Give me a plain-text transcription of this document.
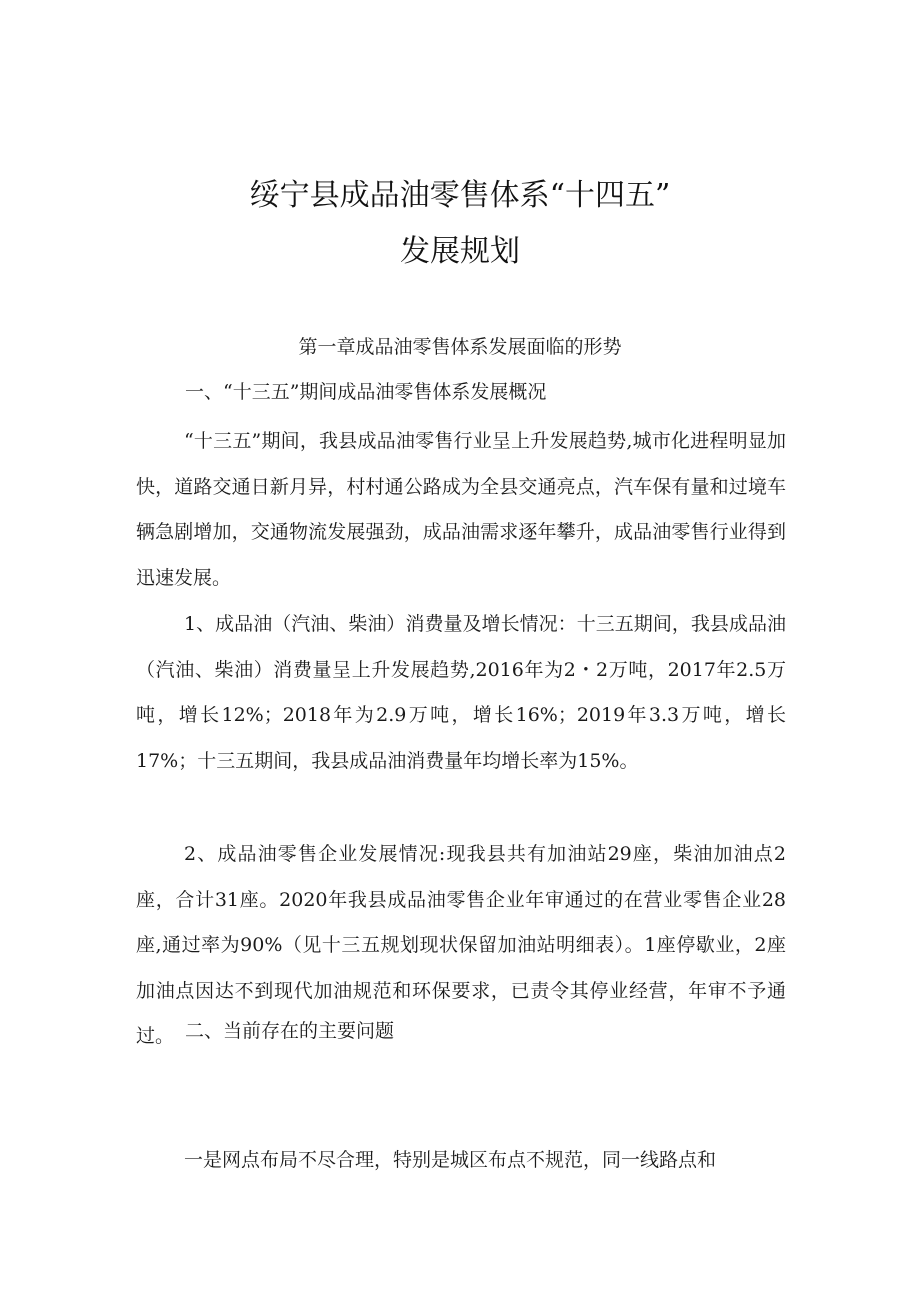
绥宁县成品油零售体系“十四五”
发展规划
第一章成品油零售体系发展面临的形势
一、“十三五”期间成品油零售体系发展概况

“十三五”期间，我县成品油零售行业呈上升发展趋势,城市化进程明显加快，道路交通日新月异，村村通公路成为全县交通亮点，汽车保有量和过境车辆急剧增加，交通物流发展强劲，成品油需求逐年攀升，成品油零售行业得到迅速发展。

1、成品油（汽油、柴油）消费量及增长情况：十三五期间，我县成品油（汽油、柴油）消费量呈上升发展趋势,2016年为2・2万吨，2017年2.5万吨，增长12%；2018年为2.9万吨，增长16%；2019年3.3万吨，增长17%；十三五期间，我县成品油消费量年均增长率为15%。

2、成品油零售企业发展情况:现我县共有加油站29座，柴油加油点2座，合计31座。2020年我县成品油零售企业年审通过的在营业零售企业28座,通过率为90%（见十三五规划现状保留加油站明细表）。1座停歇业，2座加油点因达不到现代加油规范和环保要求，已责令其停业经营，年审不予通过。 二、当前存在的主要问题

一是网点布局不尽合理，特别是城区布点不规范，同一线路点和
